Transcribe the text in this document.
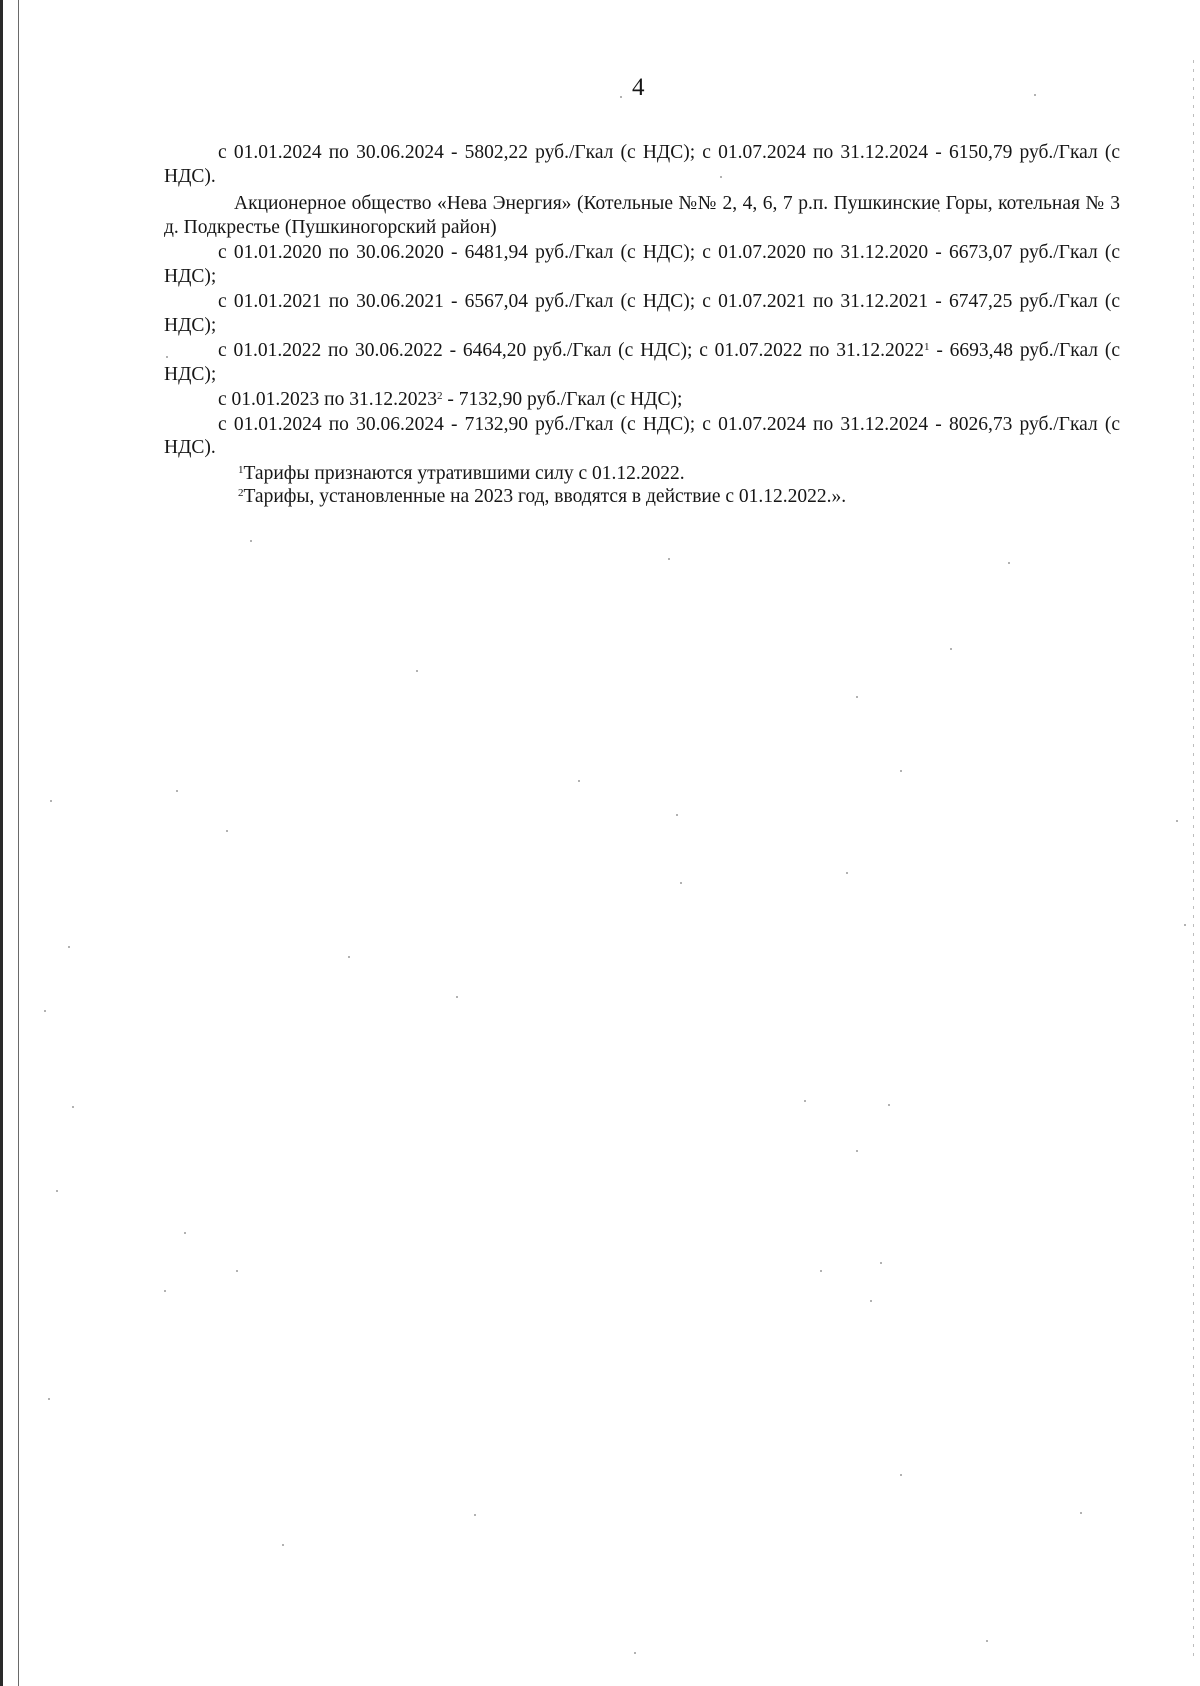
4

с 01.01.2024 по 30.06.2024 - 5802,22 руб./Гкал (с НДС); с 01.07.2024 по 31.12.2024 - 6150,79 руб./Гкал (с НДС).

Акционерное общество «Нева Энергия» (Котельные №№ 2, 4, 6, 7 р.п. Пушкинские Горы, котельная № 3 д. Подкрестье (Пушкиногорский район)

с 01.01.2020 по 30.06.2020 - 6481,94 руб./Гкал (с НДС); с 01.07.2020 по 31.12.2020 - 6673,07 руб./Гкал (с НДС);

с 01.01.2021 по 30.06.2021 - 6567,04 руб./Гкал (с НДС); с 01.07.2021 по 31.12.2021 - 6747,25 руб./Гкал (с НДС);

с 01.01.2022 по 30.06.2022 - 6464,20 руб./Гкал (с НДС); с 01.07.2022 по 31.12.2022$^1$ - 6693,48 руб./Гкал (с НДС);

с 01.01.2023 по 31.12.2023$^2$ - 7132,90 руб./Гкал (с НДС);

с 01.01.2024 по 30.06.2024 - 7132,90 руб./Гкал (с НДС); с 01.07.2024 по 31.12.2024 - 8026,73 руб./Гкал (с НДС).

$^1$Тарифы признаются утратившими силу с 01.12.2022.

$^2$Тарифы, установленные на 2023 год, вводятся в действие с 01.12.2022.».
